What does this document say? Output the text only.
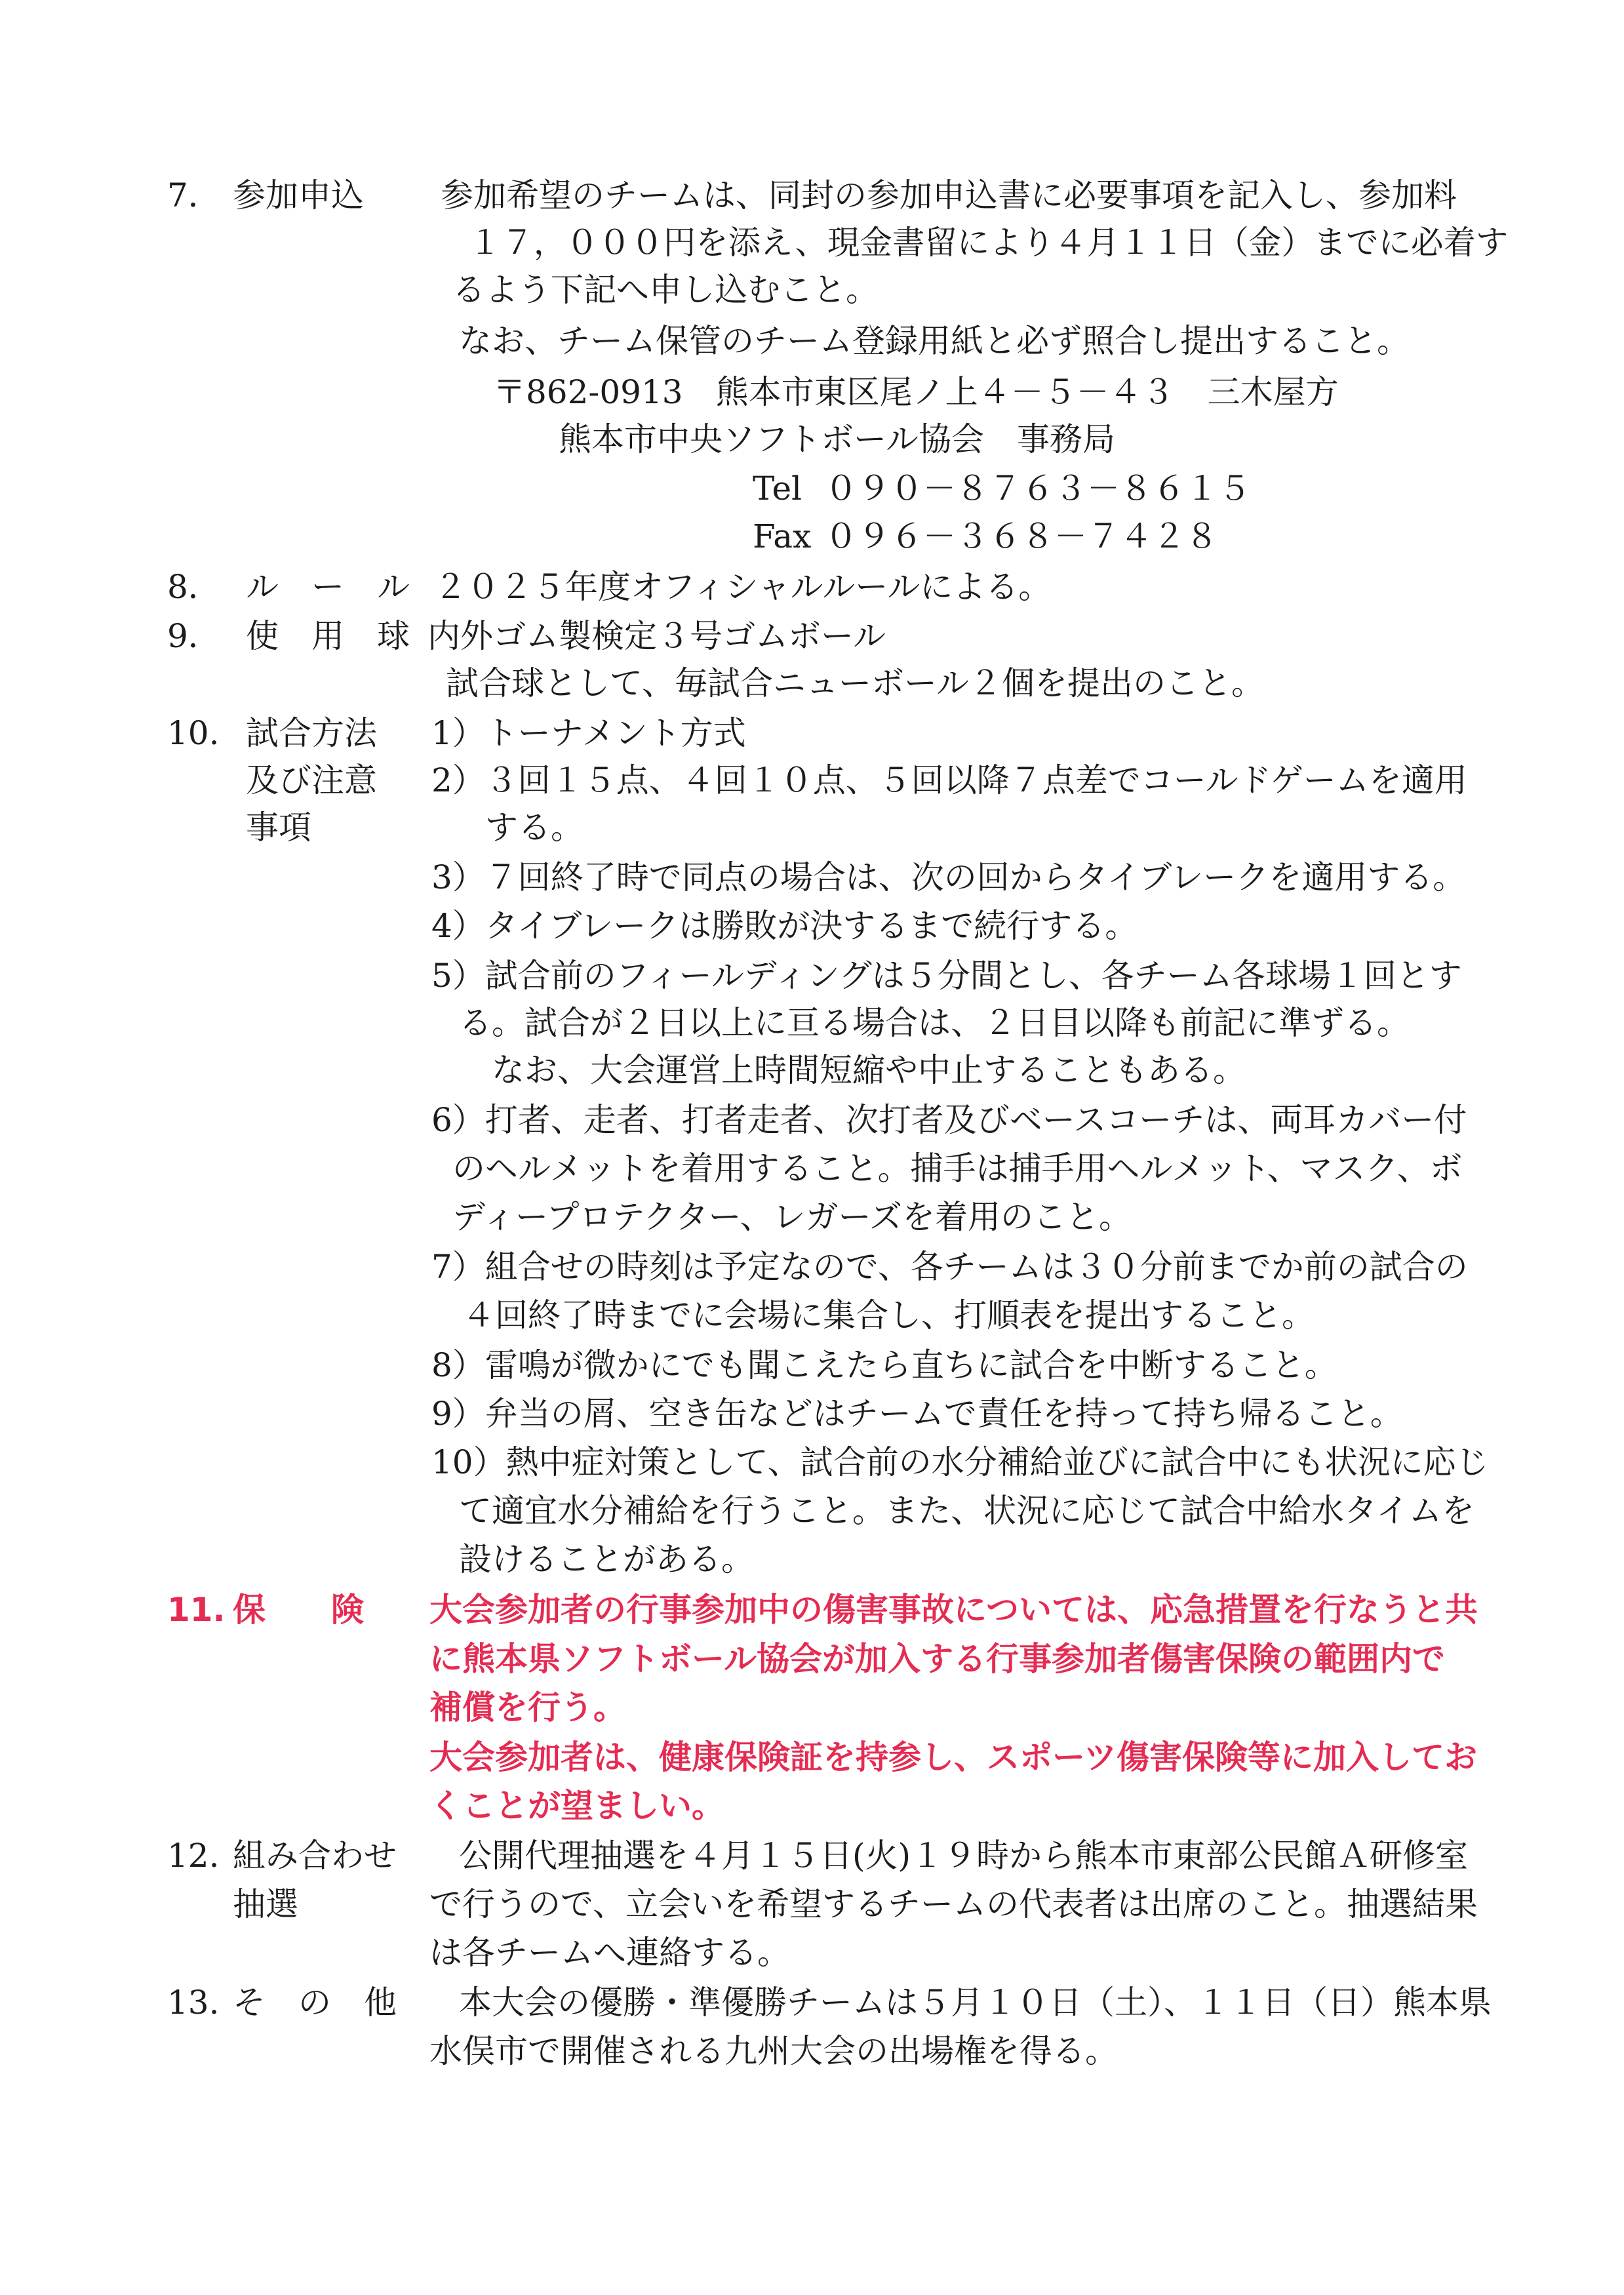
7． 参加申込 参加希望のチームは、同封の参加申込書に必要事項を記入し、参加料
１７，０００円を添え、現金書留により４月１１日（金）までに必着す
るよう下記へ申し込むこと。
なお、チーム保管のチーム登録用紙と必ず照合し提出すること。
〒862-0913　熊本市東区尾ノ上４－５－４３　三木屋方
熊本市中央ソフトボール協会　事務局
Tel ０９０－８７６３－８６１５
Fax ０９６－３６８－７４２８
8． ル　ー　ル ２０２５年度オフィシャルルールによる。
9． 使　用　球 内外ゴム製検定３号ゴムボール
試合球として、毎試合ニューボール２個を提出のこと。
10. 試合方法
及び注意
事項
1）トーナメント方式
2）３回１５点、４回１０点、５回以降７点差でコールドゲームを適用
する。
3）７回終了時で同点の場合は、次の回からタイブレークを適用する。
4）タイブレークは勝敗が決するまで続行する。
5）試合前のフィールディングは５分間とし、各チーム各球場１回とす
る。試合が２日以上に亘る場合は、２日目以降も前記に準ずる。
なお、大会運営上時間短縮や中止することもある。
6）打者、走者、打者走者、次打者及びベースコーチは、両耳カバー付
のヘルメットを着用すること。捕手は捕手用ヘルメット、マスク、ボ
ディープロテクター、レガーズを着用のこと。
7）組合せの時刻は予定なので、各チームは３０分前までか前の試合の
４回終了時までに会場に集合し、打順表を提出すること。
8）雷鳴が微かにでも聞こえたら直ちに試合を中断すること。
9）弁当の屑、空き缶などはチームで責任を持って持ち帰ること。
10）熱中症対策として、試合前の水分補給並びに試合中にも状況に応じ
て適宜水分補給を行うこと。また、状況に応じて試合中給水タイムを
設けることがある。
11. 保　　険 大会参加者の行事参加中の傷害事故については、応急措置を行なうと共
に熊本県ソフトボール協会が加入する行事参加者傷害保険の範囲内で
補償を行う。
大会参加者は、健康保険証を持参し、スポーツ傷害保険等に加入してお
くことが望ましい。
12. 組み合わせ
抽選
公開代理抽選を４月１５日(火)１９時から熊本市東部公民館Ａ研修室
で行うので、立会いを希望するチームの代表者は出席のこと。抽選結果
は各チームへ連絡する。
13. そ　の　他 本大会の優勝・準優勝チームは５月１０日（土）、１１日（日）熊本県
水俣市で開催される九州大会の出場権を得る。
